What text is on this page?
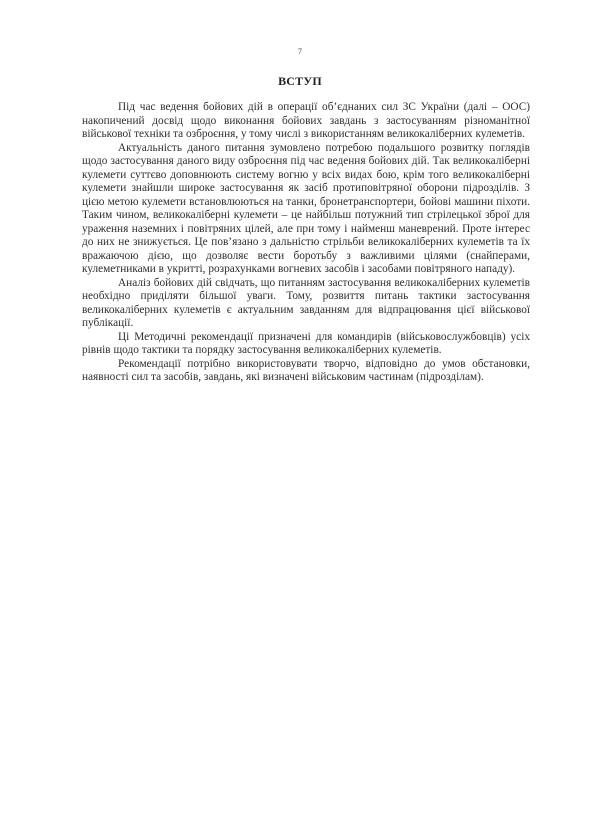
7
ВСТУП

Під час ведення бойових дій в операції об’єднаних сил ЗС України (далі – ООС) накопичений досвід щодо виконання бойових завдань з застосуванням різноманітної військової техніки та озброєння, у тому числі з використанням великокаліберних кулеметів.

Актуальність даного питання зумовлено потребою подальшого розвитку поглядів щодо застосування даного виду озброєння під час ведення бойових дій. Так великокаліберні кулемети суттєво доповнюють систему вогню у всіх видах бою, крім того великокаліберні кулемети знайшли широке застосування як засіб протиповітряної оборони підрозділів. З цією метою кулемети встановлюються на танки, бронетранспортери, бойові машини піхоти. Таким чином, великокаліберні кулемети – це найбільш потужний тип стрілецької зброї для ураження наземних і повітряних цілей, але при тому і найменш маневрений. Проте інтерес до них не знижується. Це пов’язано з дальністю стрільби великокаліберних кулеметів та їх вражаючою дією, що дозволяє вести боротьбу з важливими цілями (снайперами, кулеметниками в укритті, розрахунками вогневих засобів і засобами повітряного нападу).

Аналіз бойових дій свідчать, що питанням застосування великокаліберних кулеметів необхідно приділяти більшої уваги. Тому, розвиття питань тактики застосування великокаліберних кулеметів є актуальним завданням для відпрацювання цієї військової публікації.

Ці Методичні рекомендації призначені для командирів (військовослужбовців) усіх рівнів щодо тактики та порядку застосування великокаліберних кулеметів.

Рекомендації потрібно використовувати творчо, відповідно до умов обстановки, наявності сил та засобів, завдань, які визначені військовим частинам (підрозділам).
